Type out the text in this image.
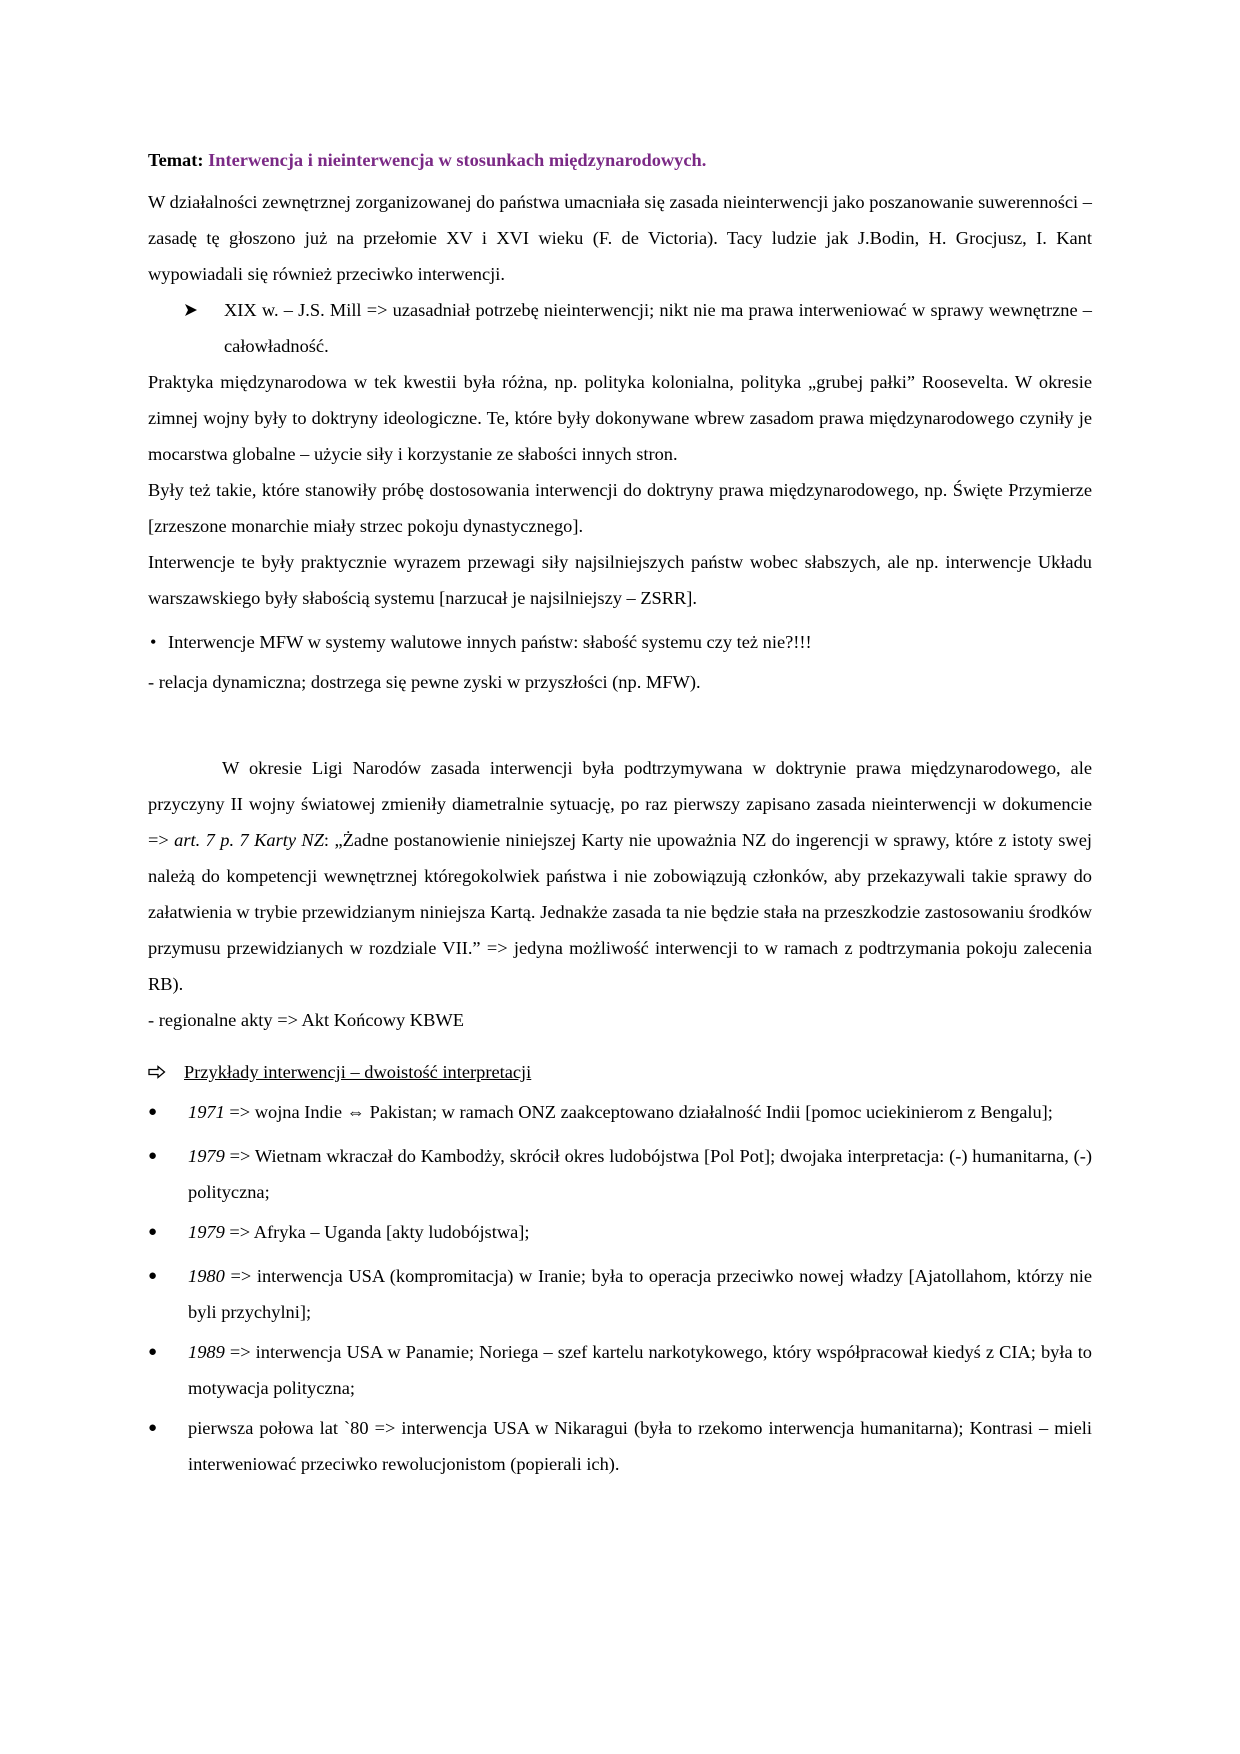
Temat: Interwencja i nieinterwencja w stosunkach międzynarodowych.

W działalności zewnętrznej zorganizowanej do państwa umacniała się zasada nieinterwencji jako poszanowanie suwerenności – zasadę tę głoszono już na przełomie XV i XVI wieku (F. de Victoria). Tacy ludzie jak J.Bodin, H. Grocjusz, I. Kant wypowiadali się również przeciwko interwencji.

XIX w. – J.S. Mill => uzasadniał potrzebę nieinterwencji; nikt nie ma prawa interweniować w sprawy wewnętrzne – całowładność.

Praktyka międzynarodowa w tek kwestii była różna, np. polityka kolonialna, polityka „grubej pałki” Roosevelta. W okresie zimnej wojny były to doktryny ideologiczne. Te, które były dokonywane wbrew zasadom prawa międzynarodowego czyniły je mocarstwa globalne – użycie siły i korzystanie ze słabości innych stron.

Były też takie, które stanowiły próbę dostosowania interwencji do doktryny prawa międzynarodowego, np. Święte Przymierze [zrzeszone monarchie miały strzec pokoju dynastycznego].

Interwencje te były praktycznie wyrazem przewagi siły najsilniejszych państw wobec słabszych, ale np. interwencje Układu warszawskiego były słabością systemu [narzucał je najsilniejszy – ZSRR].

• Interwencje MFW w systemy walutowe innych państw: słabość systemu czy też nie?!!!

- relacja dynamiczna; dostrzega się pewne zyski w przyszłości (np. MFW).

W okresie Ligi Narodów zasada interwencji była podtrzymywana w doktrynie prawa międzynarodowego, ale przyczyny II wojny światowej zmieniły diametralnie sytuację, po raz pierwszy zapisano zasada nieinterwencji w dokumencie => art. 7 p. 7 Karty NZ: „Żadne postanowienie niniejszej Karty nie upoważnia NZ do ingerencji w sprawy, które z istoty swej należą do kompetencji wewnętrznej któregokolwiek państwa i nie zobowiązują członków, aby przekazywali takie sprawy do załatwienia w trybie przewidzianym niniejsza Kartą. Jednakże zasada ta nie będzie stała na przeszkodzie zastosowaniu środków przymusu przewidzianych w rozdziale VII.” => jedyna możliwość interwencji to w ramach z podtrzymania pokoju zalecenia RB).

- regionalne akty => Akt Końcowy KBWE

Przykłady interwencji – dwoistość interpretacji

● 1971 => wojna Indie ⇔ Pakistan; w ramach ONZ zaakceptowano działalność Indii [pomoc uciekinierom z Bengalu];
● 1979 => Wietnam wkraczał do Kambodży, skrócił okres ludobójstwa [Pol Pot]; dwojaka interpretacja: (-) humanitarna, (-) polityczna;
● 1979 => Afryka – Uganda [akty ludobójstwa];
● 1980 => interwencja USA (kompromitacja) w Iranie; była to operacja przeciwko nowej władzy [Ajatollahom, którzy nie byli przychylni];
● 1989 => interwencja USA w Panamie; Noriega – szef kartelu narkotykowego, który współpracował kiedyś z CIA; była to motywacja polityczna;
● pierwsza połowa lat `80 => interwencja USA w Nikaragui (była to rzekomo interwencja humanitarna); Kontrasi – mieli interweniować przeciwko rewolucjonistom (popierali ich).
